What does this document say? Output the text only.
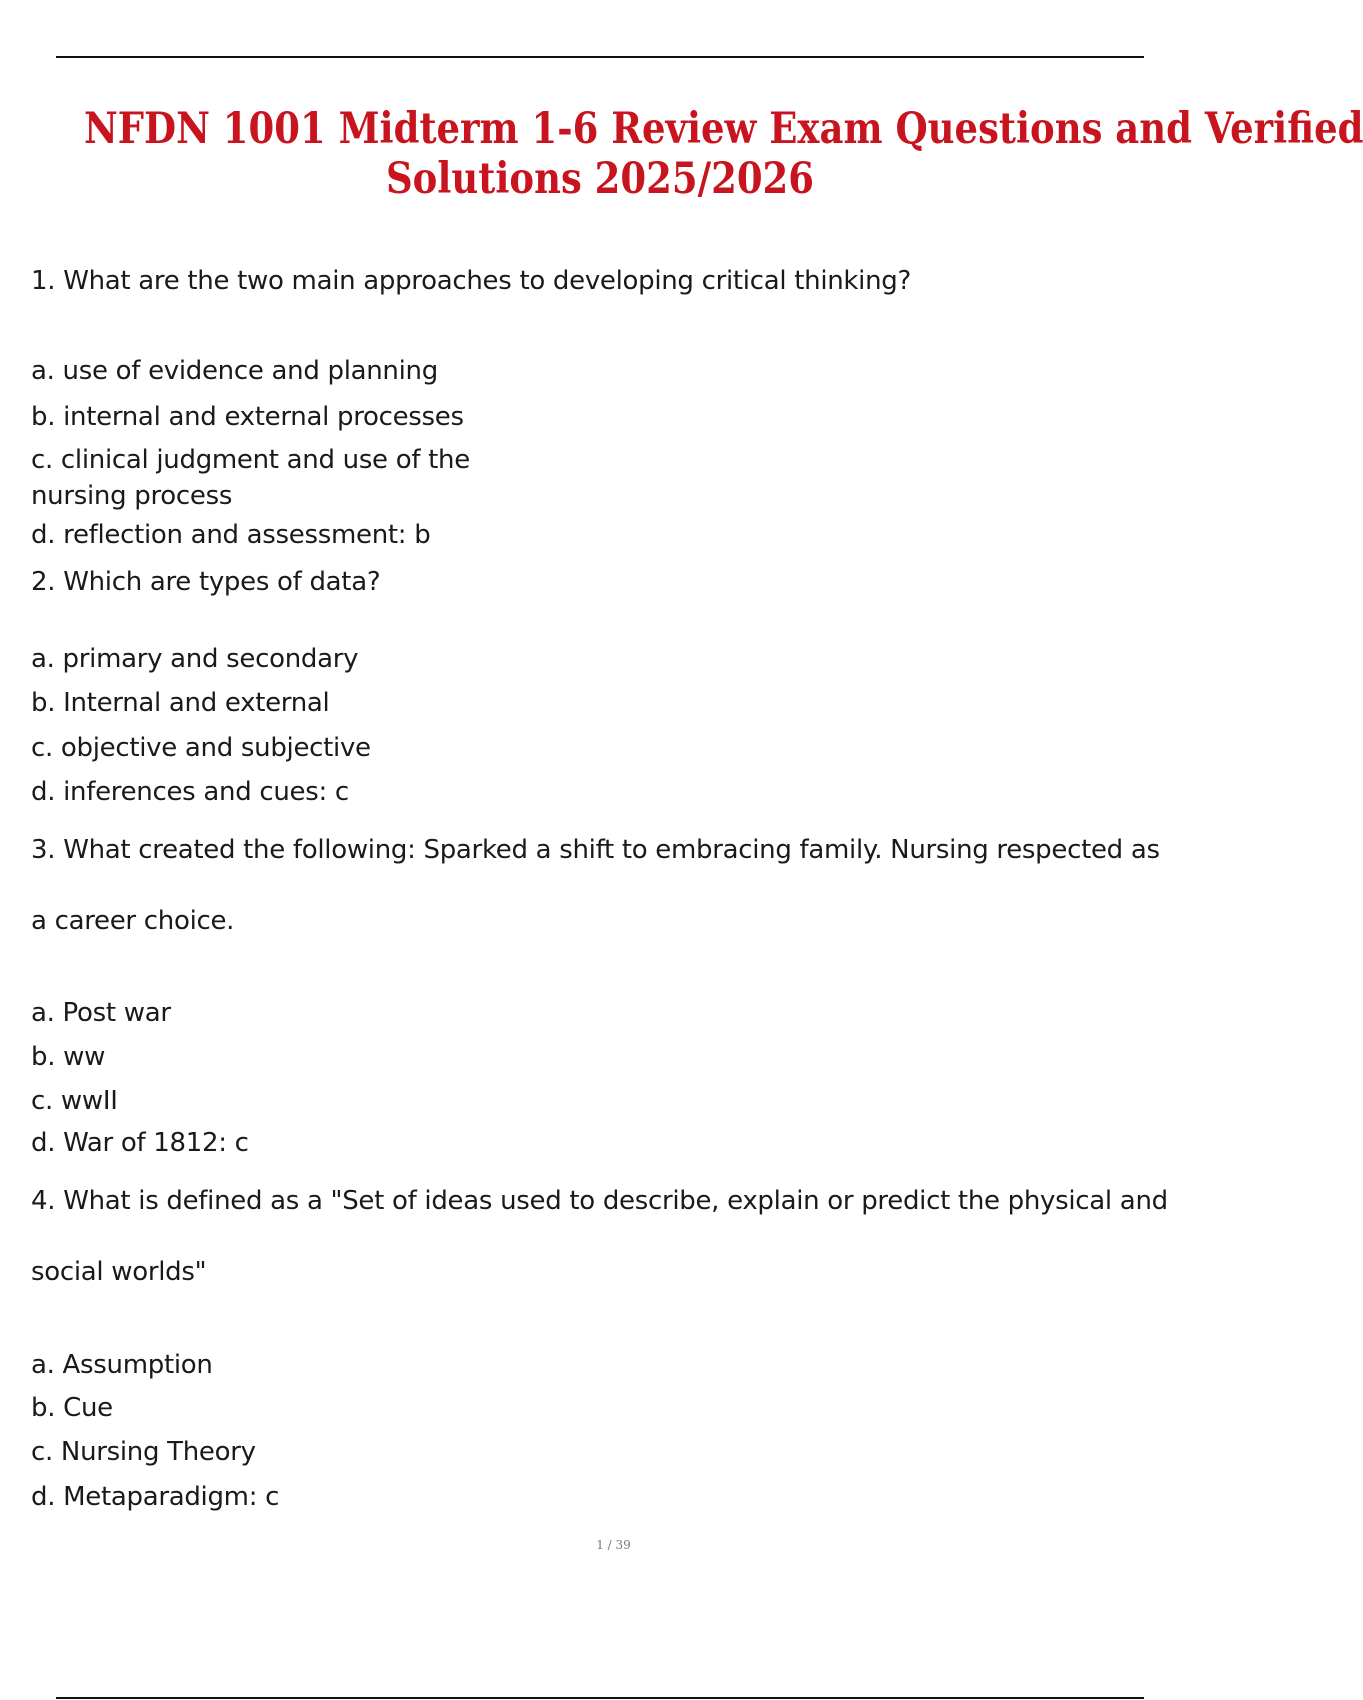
NFDN 1001 Midterm 1-6 Review Exam Questions and Verified
Solutions 2025/2026
1. What are the two main approaches to developing critical thinking?
a. use of evidence and planning
b. internal and external processes
c. clinical judgment and use of the nursing process
d. reflection and assessment: b
2. Which are types of data?
a. primary and secondary
b. Internal and external
c. objective and subjective
d. inferences and cues: c
3. What created the following: Sparked a shift to embracing family. Nursing respected as a career choice.
a. Post war
b. ww
c. wwII
d. War of 1812: c
4. What is defined as a "Set of ideas used to describe, explain or predict the physical and social worlds"
a. Assumption
b. Cue
c. Nursing Theory
d. Metaparadigm: c
1 / 39
